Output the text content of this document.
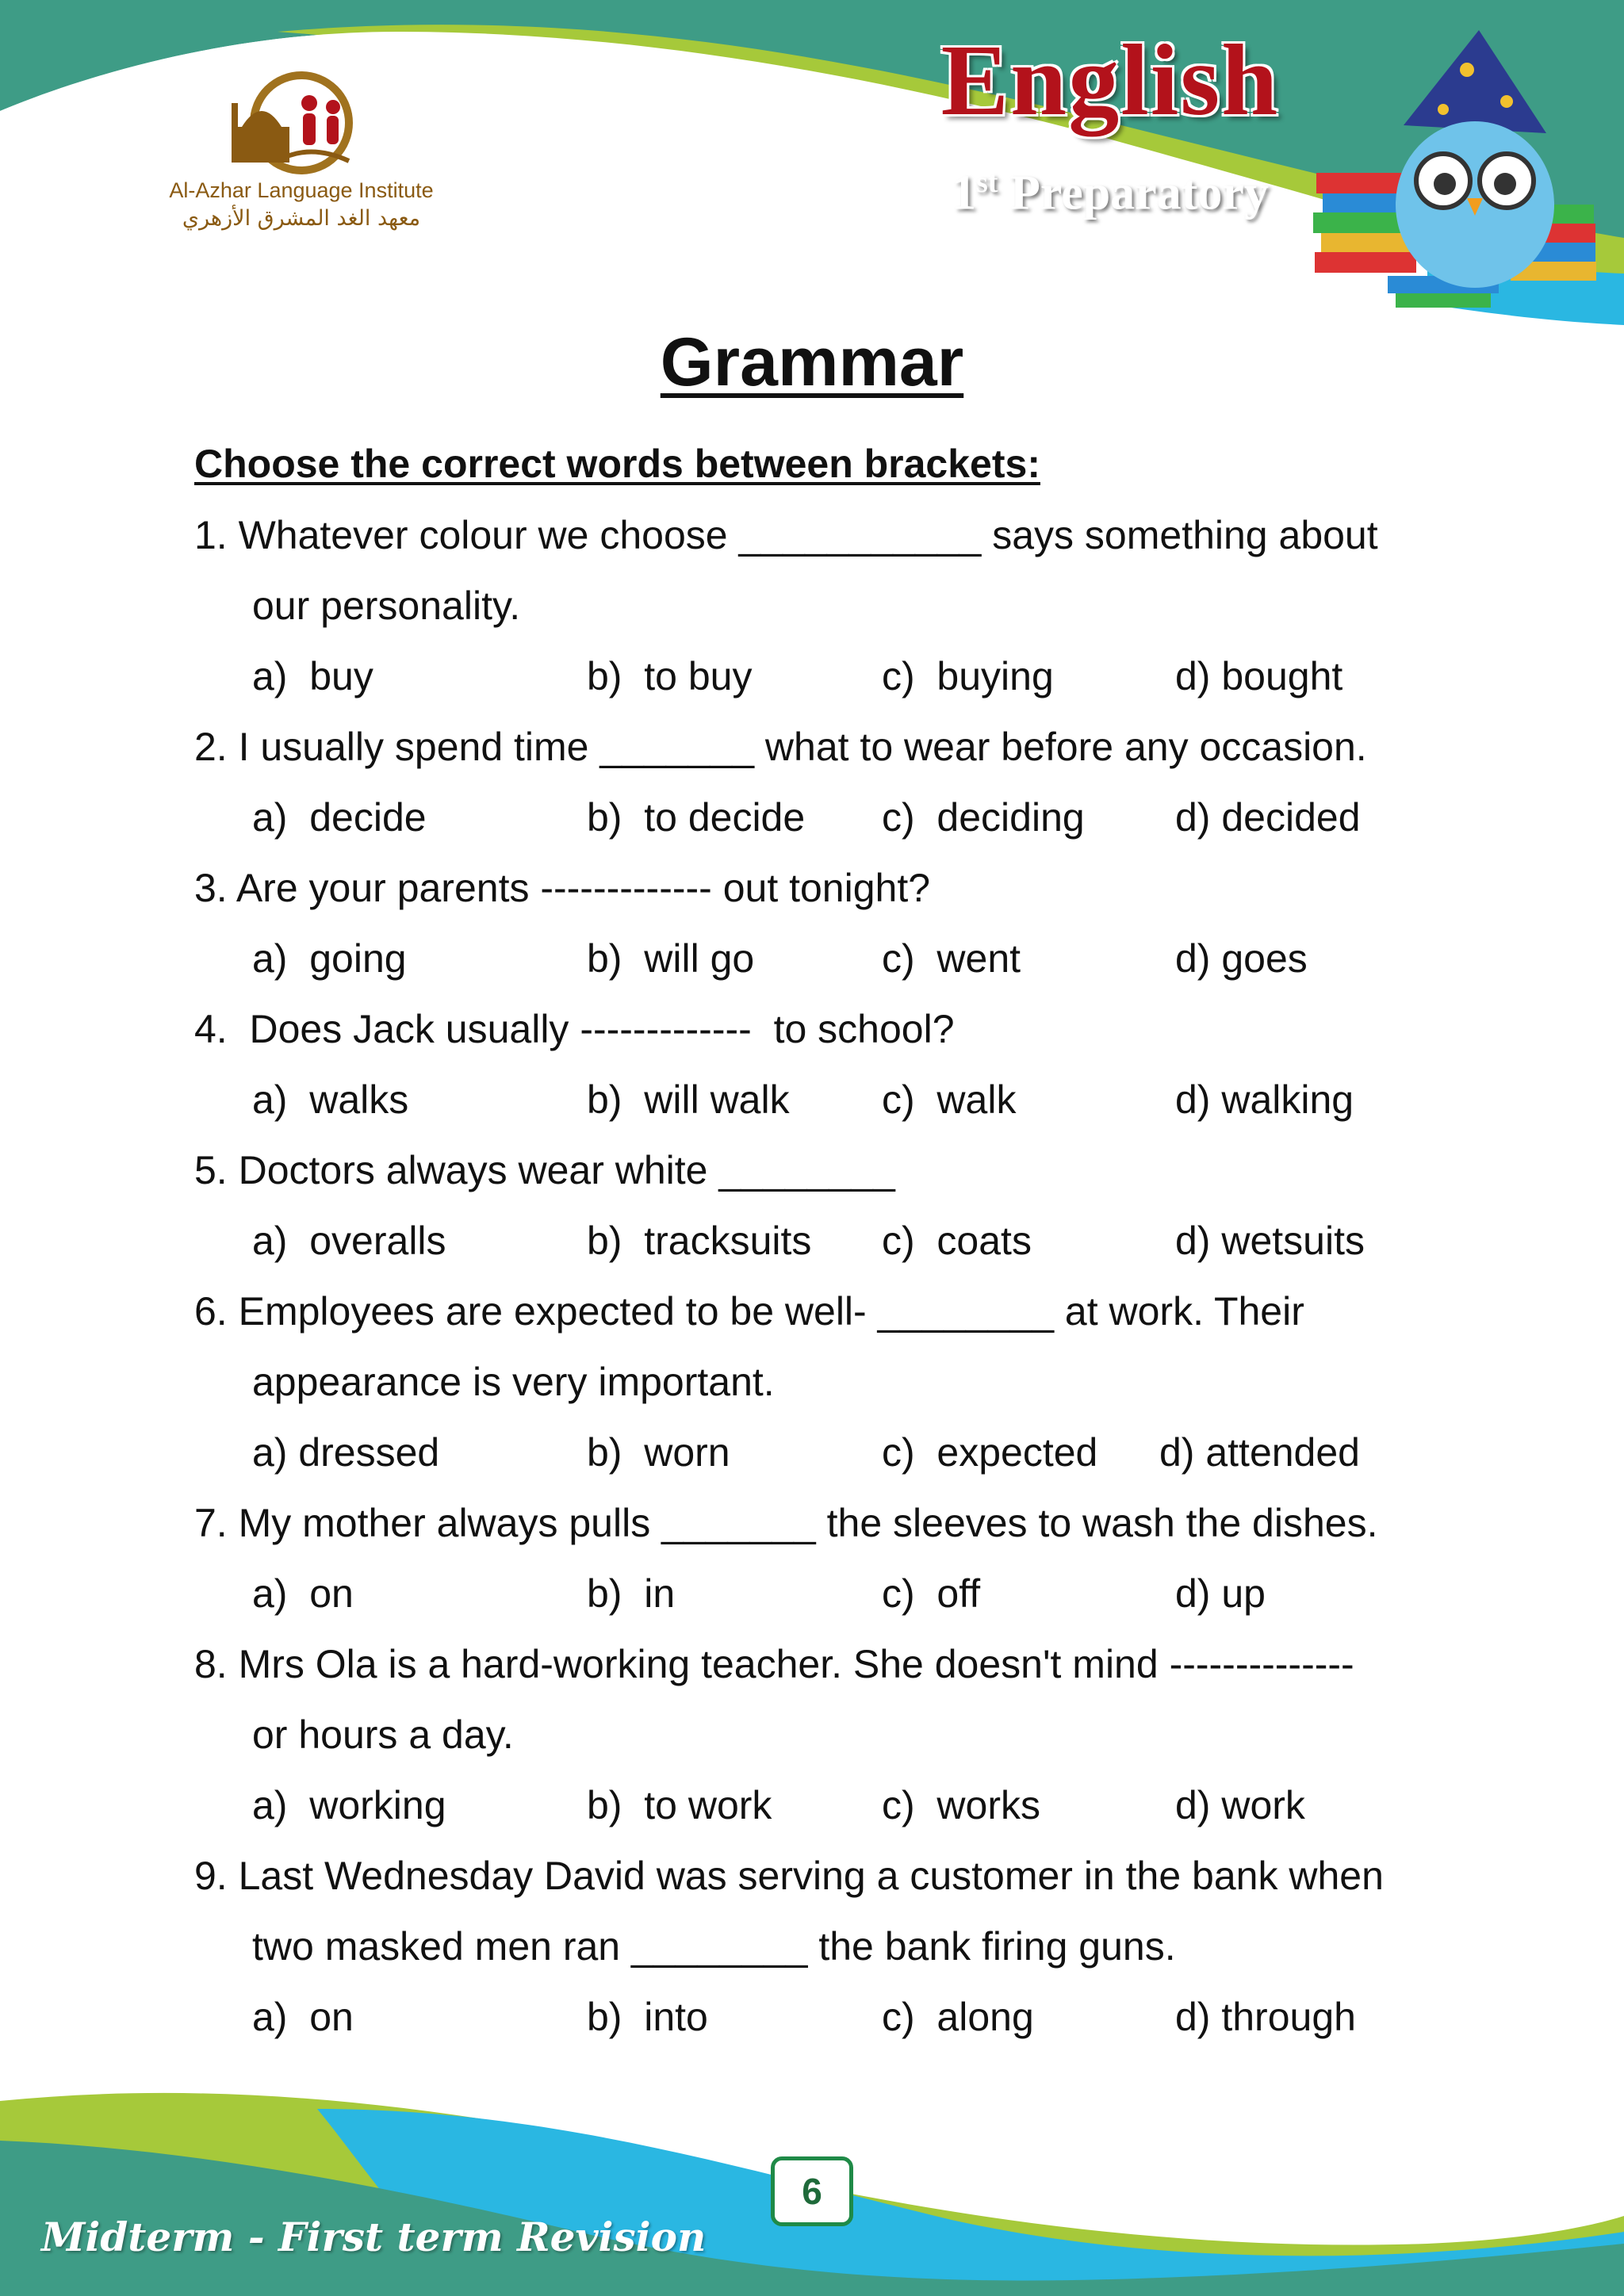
Al-Azhar Language Institute
معهد الغد المشرق الأزهري
English
1st Preparatory
Grammar
Choose the correct words between brackets:
1. Whatever colour we choose ___________ says something about
our personality.
a)  buy	b)  to buy	c)  buying	d) bought
2. I usually spend time _______ what to wear before any occasion.
a)  decide	b)  to decide c)  deciding d) decided
3. Are your parents ------------- out tonight?
a)  going	b)  will go	c)  went	d) goes
4.  Does Jack usually -------------  to school?
a)  walks	b)  will walk c)  walk	d) walking
5. Doctors always wear white ________
a)  overalls	b)  tracksuits c)  coats	d) wetsuits
6. Employees are expected to be well- ________ at work. Their
appearance is very important.
a) dressed	b)  worn	c)  expected d) attended
7. My mother always pulls _______ the sleeves to wash the dishes.
a)  on	b)  in	c)  off	d) up
8. Mrs Ola is a hard-working teacher. She doesn't mind --------------
or hours a day.
a)  working	b)  to work	c)  works	d) work
9. Last Wednesday David was serving a customer in the bank when
two masked men ran ________ the bank firing guns.
a)  on	b)  into	c)  along	d) through
6
Midterm - First term Revision
